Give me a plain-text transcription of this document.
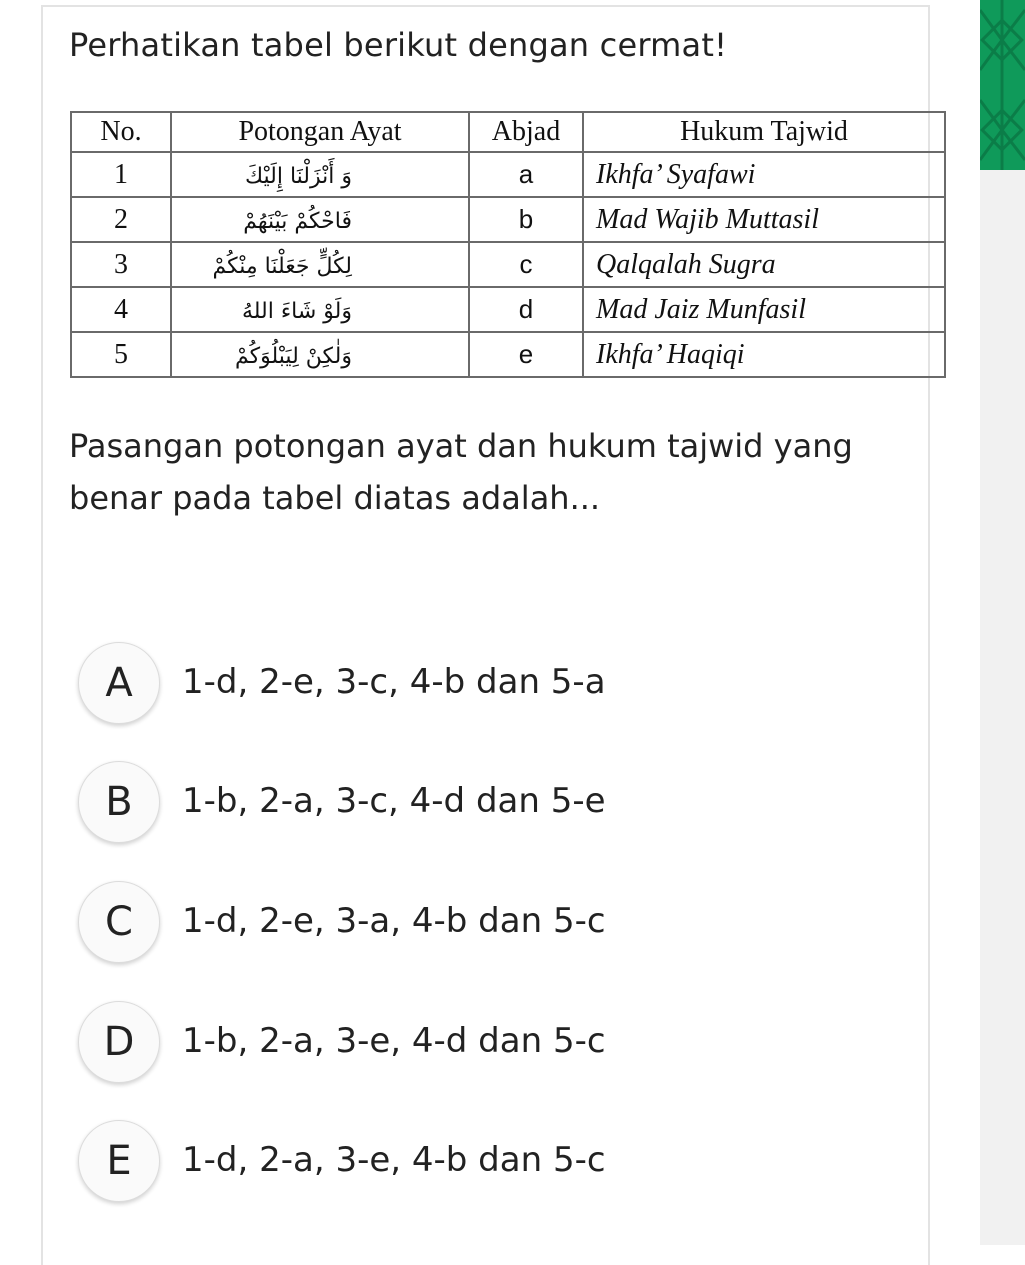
Perhatikan tabel berikut dengan cermat!
No.	Potongan Ayat	Abjad	Hukum Tajwid
1	وَ أَنْزَلْنَا إِلَيْكَ	a	Ikhfa’ Syafawi
2	فَاحْكُمْ بَيْنَهُمْ	b	Mad Wajib Muttasil
3	لِكُلٍّ جَعَلْنَا مِنْكُمْ	c	Qalqalah Sugra
4	وَلَوْ شَاءَ اللهُ	d	Mad Jaiz Munfasil
5	وَلٰكِنْ لِيَبْلُوَكُمْ	e	Ikhfa’ Haqiqi
Pasangan potongan ayat dan hukum tajwid yang benar pada tabel diatas adalah...
A	1-d, 2-e, 3-c, 4-b dan 5-a
B	1-b, 2-a, 3-c, 4-d dan 5-e
C	1-d, 2-e, 3-a, 4-b dan 5-c
D	1-b, 2-a, 3-e, 4-d dan 5-c
E	1-d, 2-a, 3-e, 4-b dan 5-c
